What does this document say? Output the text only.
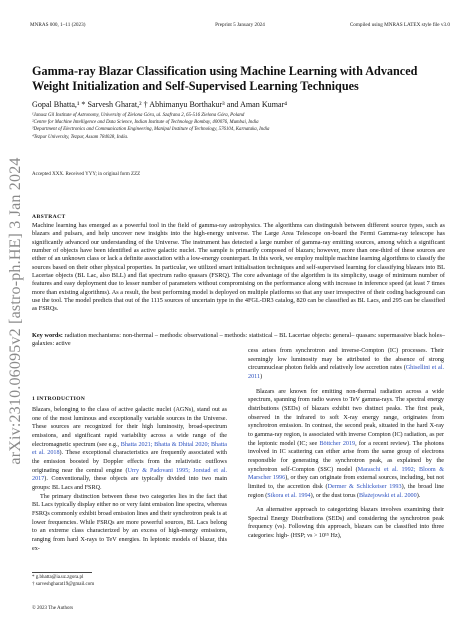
MNRAS 000, 1–11 (2023)	Preprint 5 January 2024	Compiled using MNRAS LATEX style file v3.0
arXiv:2310.06095v2 [astro-ph.HE] 3 Jan 2024
Gamma-ray Blazar Classification using Machine Learning with Advanced Weight Initialization and Self-Supervised Learning Techniques
Gopal Bhatta,¹ * Sarvesh Gharat,² † Abhimanyu Borthakur³ and Aman Kumar⁴
¹Janusz Gil Institute of Astronomy, University of Zielona Góra, ul. Szafrana 2, 65-516 Zielona Góra, Poland
²Centre for Machine Intelligence and Data Science, Indian Institute of Technology Bombay, 400076, Mumbai, India
³Department of Electronics and Communication Engineering, Manipal Institute of Technology, 576104, Karnataka, India
⁴Tezpur University, Tezpur, Assam 784028, India.
Accepted XXX. Received YYY; in original form ZZZ
ABSTRACT
Machine learning has emerged as a powerful tool in the field of gamma-ray astrophysics. The algorithms can distinguish between different source types, such as blazars and pulsars, and help uncover new insights into the high-energy universe. The Large Area Telescope on-board the Fermi Gamma-ray telescope has significantly advanced our understanding of the Universe. The instrument has detected a large number of gamma-ray emitting sources, among which a significant number of objects have been identified as active galactic nuclei. The sample is primarily composed of blazars; however, more than one-third of these sources are either of an unknown class or lack a definite association with a low-energy counterpart. In this work, we employ multiple machine learning algorithms to classify the sources based on their other physical properties. In particular, we utilized smart initialisation techniques and self-supervised learning for classifying blazars into BL Lacertae objects (BL Lac, also BLL) and flat spectrum radio quasars (FSRQ). The core advantage of the algorithm is its simplicity, usage of minimum number of features and easy deployment due to lesser number of parameters without compromising on the performance along with increase in inference speed (at least 7 times more than existing algorithms). As a result, the best performing model is deployed on multiple platforms so that any user irrespective of their coding background can use the tool. The model predicts that out of the 1115 sources of uncertain type in the 4FGL-DR3 catalog, 820 can be classified as BL Lacs, and 295 can be classified as FSRQs.
Key words: radiation mechanisms: non-thermal – methods: observational – methods: statistical – BL Lacertae objects: general– quasars: supermassive black holes–galaxies: active
1 INTRODUCTION

Blazars, belonging to the class of active galactic nuclei (AGNs), stand out as one of the most luminous and exceptionally variable sources in the Universe. These sources are recognized for their high luminosity, broad-spectrum emissions, and significant rapid variability across a wide range of the electromagnetic spectrum (see e.g., Bhatta 2021; Bhatta & Dhital 2020; Bhatta et al. 2018). These exceptional characteristics are frequently associated with the emission boosted by Doppler effects from the relativistic outflows originating near the central engine (Urry & Padovani 1995; Jorstad et al. 2017). Conventionally, these objects are typically divided into two main groups: BL Lacs and FSRQ.

The primary distinction between these two categories lies in the fact that BL Lacs typically display either no or very faint emission line spectra, whereas FSRQs commonly exhibit broad emission lines and their synchrotron peak is at lower frequencies. While FSRQs are more powerful sources, BL Lacs belong to an extreme class characterized by an excess of high-energy emissions, ranging from hard X-rays to TeV energies. In leptonic models of blazar, this ex-

* g.bhatta@ia.uz.zgora.pl
† sarveshgharat19@gmail.com
© 2023 The Authors

cess arises from synchrotron and inverse-Compton (IC) processes. Their seemingly low luminosity may be attributed to the absence of strong circumnuclear photon fields and relatively low accretion rates (Ghisellini et al. 2011)

Blazars are known for emitting non-thermal radiation across a wide spectrum, spanning from radio waves to TeV gamma-rays. The spectral energy distributions (SEDs) of blazars exhibit two distinct peaks. The first peak, observed in the infrared to soft X-ray energy range, originates from synchrotron emission. In contrast, the second peak, situated in the hard X-ray to gamma-ray region, is associated with inverse Compton (IC) radiation, as per the leptonic model (IC; see Böttcher 2019, for a recent review). The photons involved in IC scattering can either arise from the same group of electrons responsible for generating the synchrotron peak, as explained by the synchrotron self-Compton (SSC) model (Maraschi et al. 1992; Bloom & Marscher 1996), or they can originate from external sources, including, but not limited to, the accretion disk (Dermer & Schlickeiser 1993), the broad line region (Sikora et al. 1994), or the dust torus (Błażejowski et al. 2000).

An alternative approach to categorizing blazars involves examining their Spectral Energy Distributions (SEDs) and considering the synchrotron peak frequency (νs). Following this approach, blazars can be classified into three categories: high- (HSP; νs > 10¹⁵ Hz),
